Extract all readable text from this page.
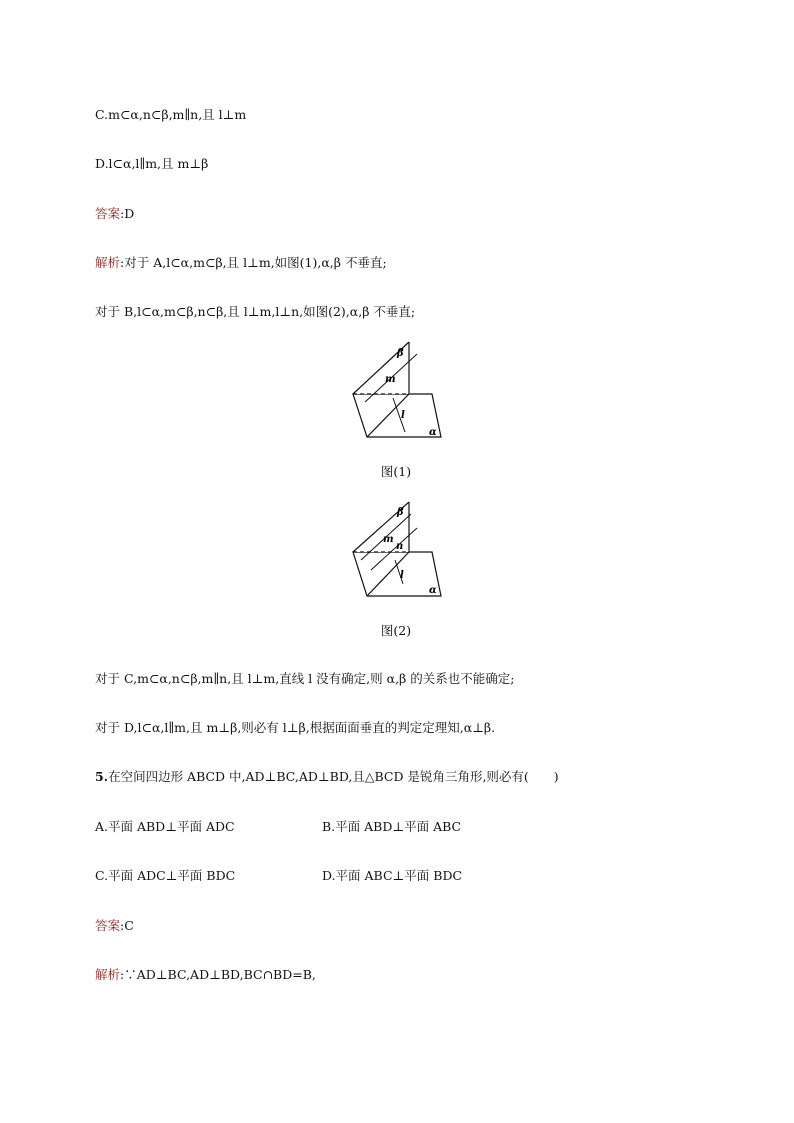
C.m⊂α,n⊂β,m∥n,且 l⊥m
D.l⊂α,l∥m,且 m⊥β
答案:D
解析:对于 A,l⊂α,m⊂β,且 l⊥m,如图(1),α,β 不垂直;
对于 B,l⊂α,m⊂β,n⊂β,且 l⊥m,l⊥n,如图(2),α,β 不垂直;
β
m
l
α
图(1)
β
m
n
l
α
图(2)
对于 C,m⊂α,n⊂β,m∥n,且 l⊥m,直线 l 没有确定,则 α,β 的关系也不能确定;
对于 D,l⊂α,l∥m,且 m⊥β,则必有 l⊥β,根据面面垂直的判定定理知,α⊥β.
5.在空间四边形 ABCD 中,AD⊥BC,AD⊥BD,且△BCD 是锐角三角形,则必有(　　)
A.平面 ABD⊥平面 ADC	B.平面 ABD⊥平面 ABC
C.平面 ADC⊥平面 BDC	D.平面 ABC⊥平面 BDC
答案:C
解析:∵AD⊥BC,AD⊥BD,BC∩BD=B,
